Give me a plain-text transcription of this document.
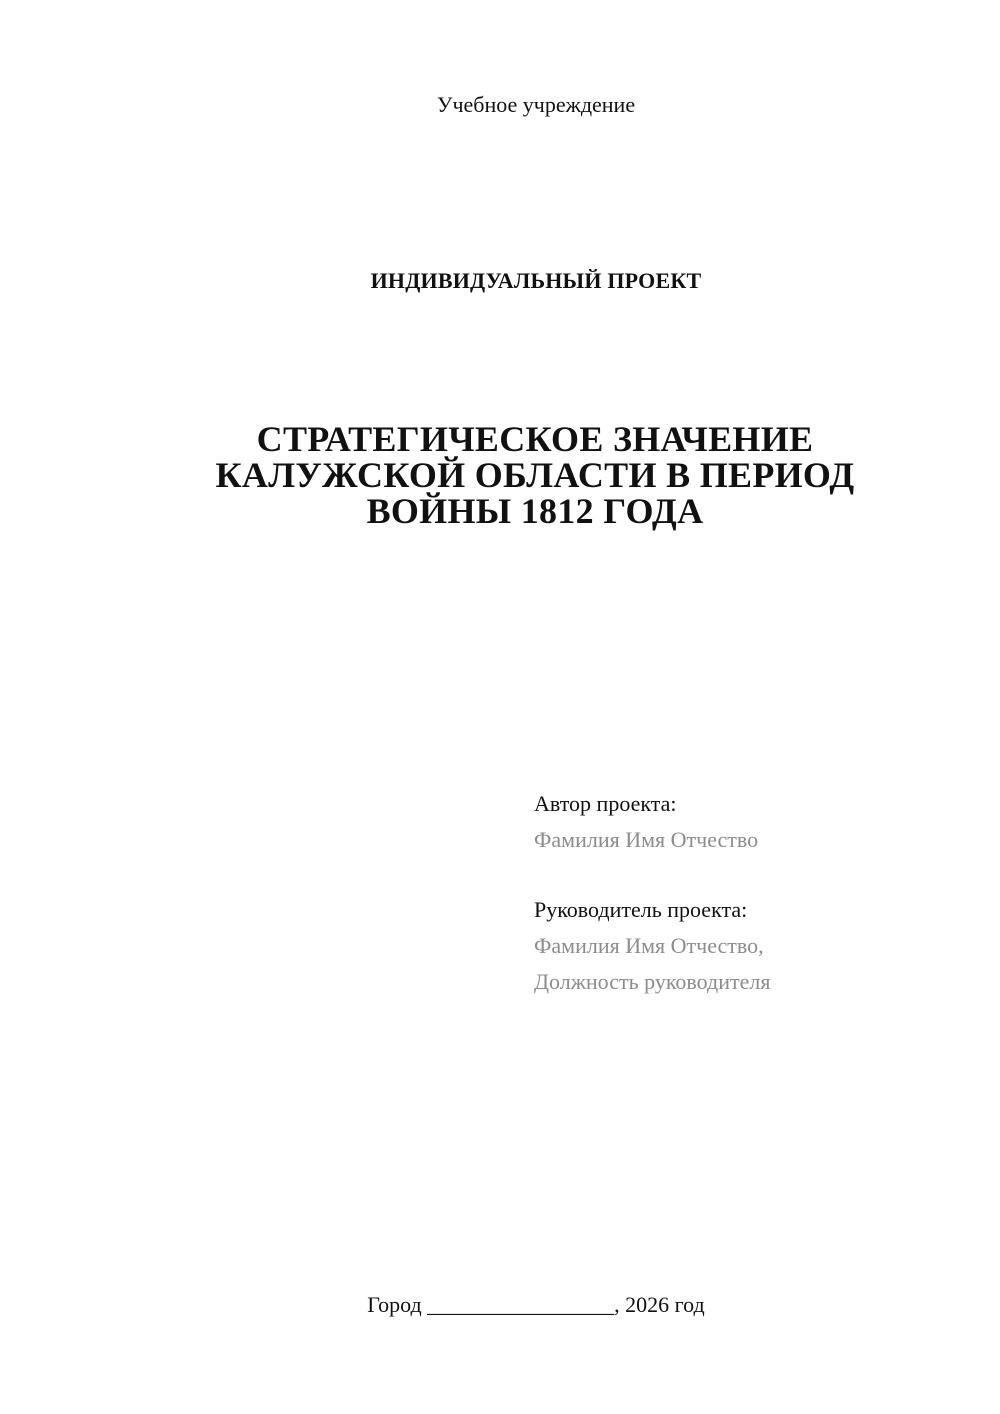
Учебное учреждение
ИНДИВИДУАЛЬНЫЙ ПРОЕКТ
СТРАТЕГИЧЕСКОЕ ЗНАЧЕНИЕ
КАЛУЖСКОЙ ОБЛАСТИ В ПЕРИОД
ВОЙНЫ 1812 ГОДА
Автор проекта:
Фамилия Имя Отчество
Руководитель проекта:
Фамилия Имя Отчество,
Должность руководителя
Город _________________, 2026 год
